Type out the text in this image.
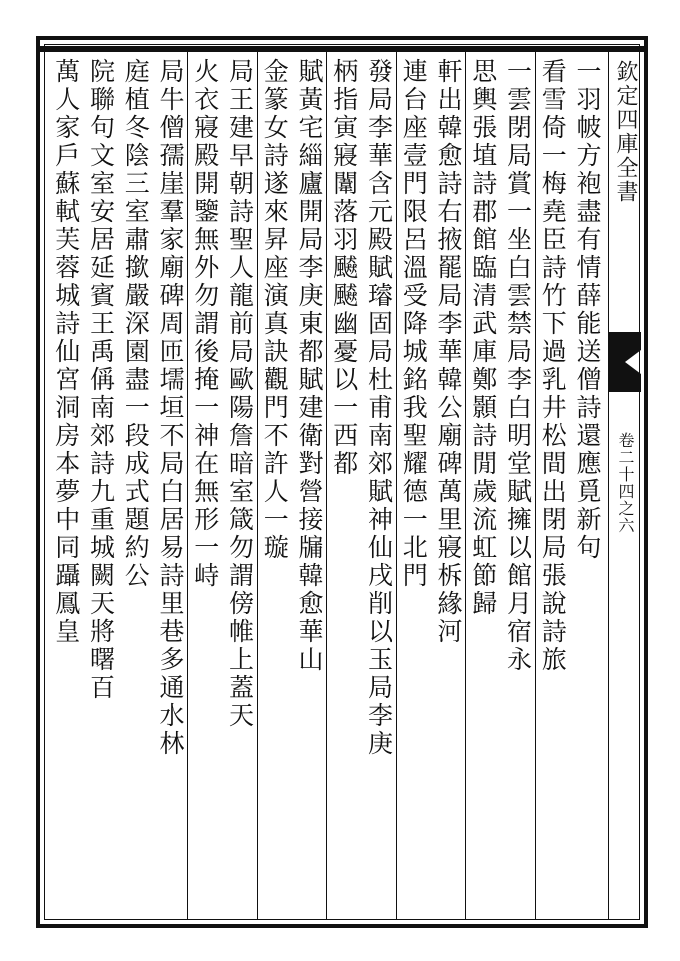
欽定四庫全書
卷二十四之六
一羽帔方袍盡有情薛能送僧詩還應覓新句
看雪倚一梅堯臣詩竹下過乳井松間出閉局張說詩旅
一雲閉局賞一坐白雲禁局李白明堂賦擁以館月宿永
思輿張埴詩郡館臨清武庫鄭顥詩閒歲流虹節歸
軒出韓愈詩右掖罷局李華韓公廟碑萬里寢柝緣河
連台座壹門限呂溫受降城銘我聖耀德一北門
發局李華含元殿賦璿固局杜甫南郊賦神仙戌削以玉局李庚
柄指寅寢闈落羽飇飇幽憂以一西都
賦黃宅緇廬開局李庚東都賦建衛對營接牖韓愈華山
金篆女詩遂來昇座演真訣觀門不許人一璇
局王建早朝詩聖人龍前局歐陽詹暗室箴勿謂傍帷上蓋天
火衣寢殿開鑒無外勿謂後掩一神在無形一峙
局牛僧孺崖羣家廟碑周匝壖垣不局白居易詩里巷多通水林
庭植冬陰三室肅撳嚴深園盡一段成式題約公
院聯句文室安居延賓王禹偁南郊詩九重城闕天將曙百
萬人家戶蘇軾芙蓉城詩仙宮洞房本夢中同躡鳳皇
